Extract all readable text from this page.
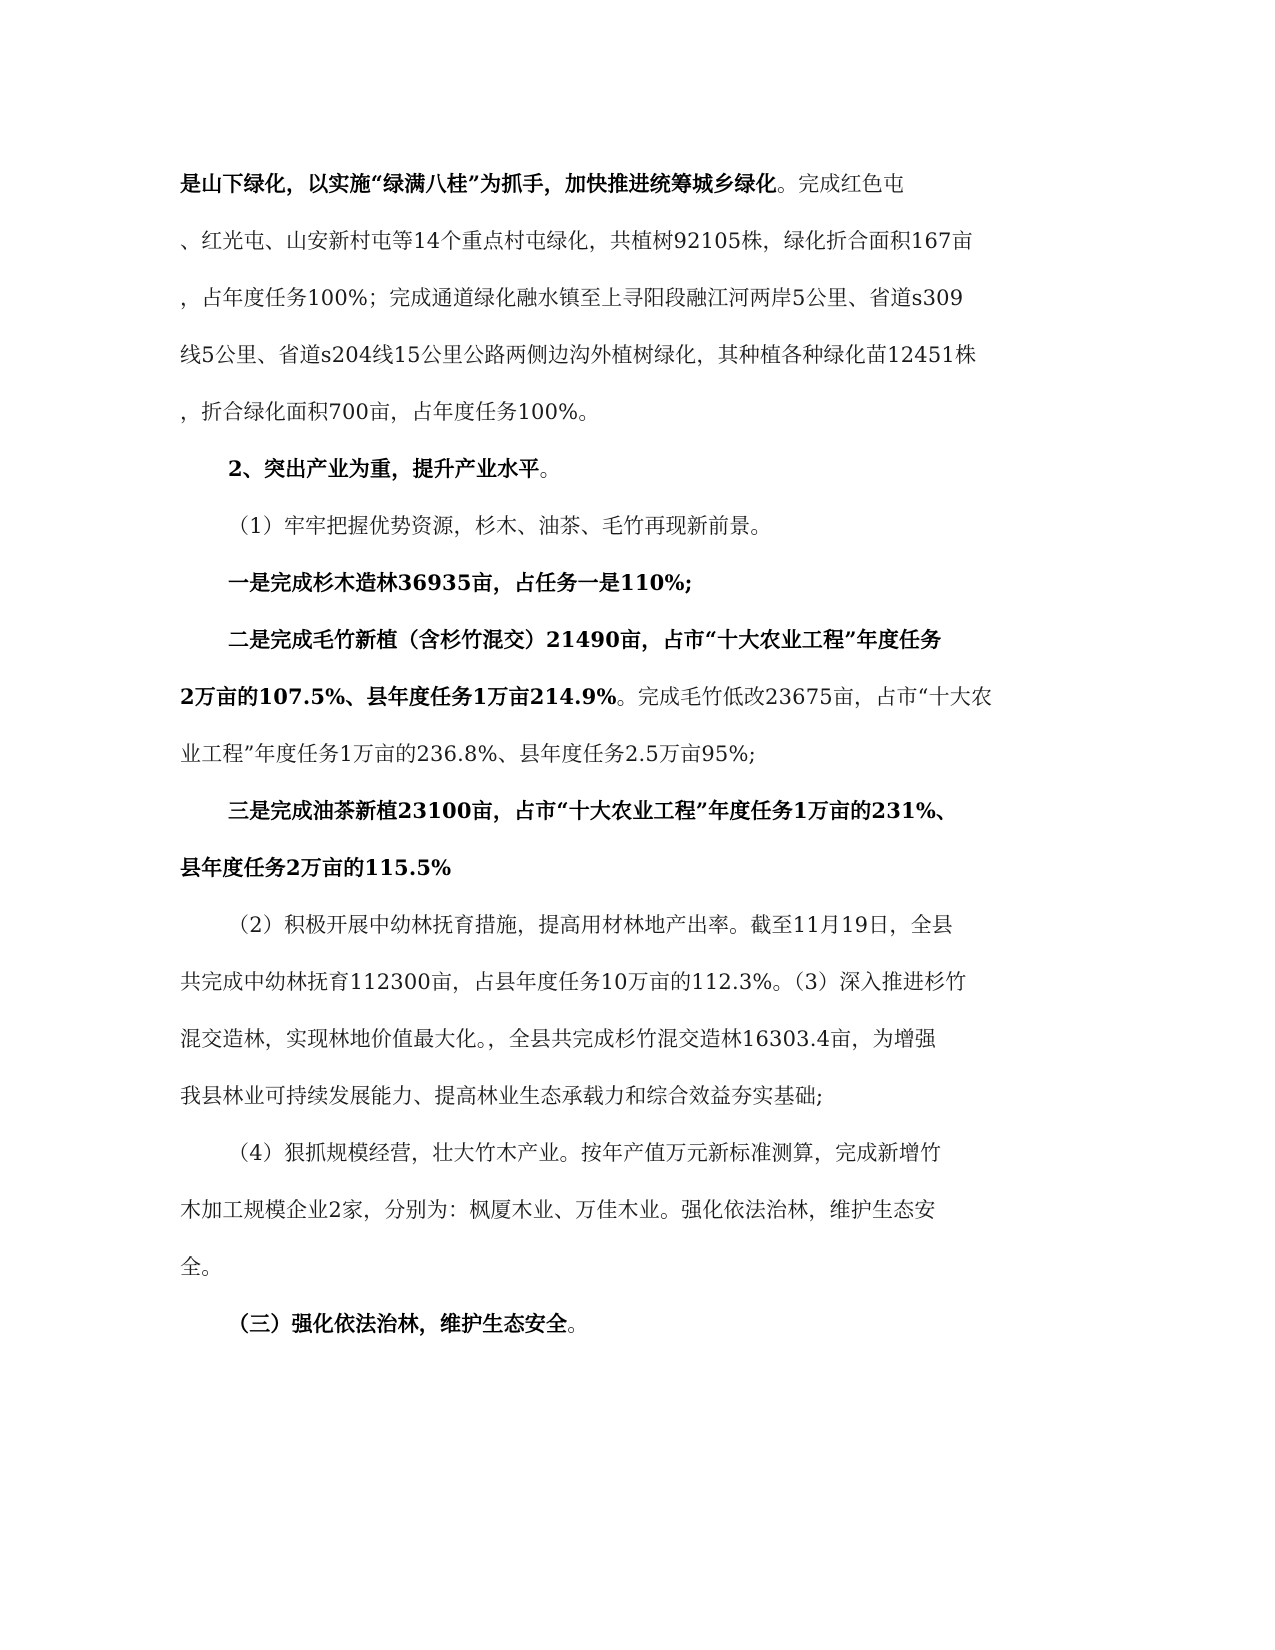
是山下绿化，以实施“绿满八桂”为抓手，加快推进统筹城乡绿化。完成红色屯
、红光屯、山安新村屯等14个重点村屯绿化，共植树92105株，绿化折合面积167亩
，占年度任务100%；完成通道绿化融水镇至上寻阳段融江河两岸5公里、省道s309
线5公里、省道s204线15公里公路两侧边沟外植树绿化，其种植各种绿化苗12451株
，折合绿化面积700亩，占年度任务100%。
2、突出产业为重，提升产业水平。
（1）牢牢把握优势资源，杉木、油茶、毛竹再现新前景。
一是完成杉木造林36935亩，占任务一是110%;
二是完成毛竹新植（含杉竹混交）21490亩，占市“十大农业工程”年度任务
2万亩的107.5%、县年度任务1万亩214.9%。完成毛竹低改23675亩，占市“十大农
业工程”年度任务1万亩的236.8%、县年度任务2.5万亩95%;
三是完成油茶新植23100亩，占市“十大农业工程”年度任务1万亩的231%、
县年度任务2万亩的115.5%
（2）积极开展中幼林抚育措施，提高用材林地产出率。截至11月19日，全县
共完成中幼林抚育112300亩，占县年度任务10万亩的112.3%。（3）深入推进杉竹
混交造林，实现林地价值最大化。，全县共完成杉竹混交造林16303.4亩，为增强
我县林业可持续发展能力、提高林业生态承载力和综合效益夯实基础;
（4）狠抓规模经营，壮大竹木产业。按年产值万元新标准测算，完成新增竹
木加工规模企业2家，分别为：枫厦木业、万佳木业。强化依法治林，维护生态安
全。
（三）强化依法治林，维护生态安全。
